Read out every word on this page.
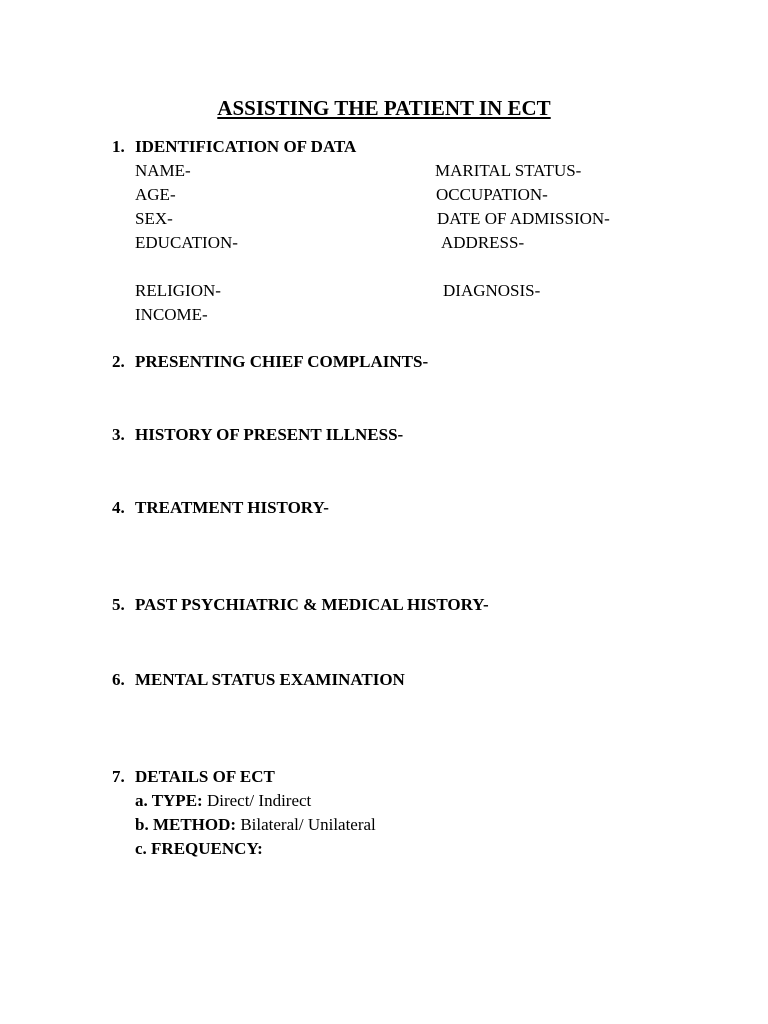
ASSISTING THE PATIENT IN ECT
1. IDENTIFICATION OF DATA
NAME-
AGE-
SEX-
EDUCATION-
RELIGION-
INCOME-
MARITAL STATUS-
OCCUPATION-
DATE OF ADMISSION-
ADDRESS-
DIAGNOSIS-
2. PRESENTING CHIEF COMPLAINTS-
3. HISTORY OF PRESENT ILLNESS-
4. TREATMENT HISTORY-
5. PAST PSYCHIATRIC & MEDICAL HISTORY-
6. MENTAL STATUS EXAMINATION
7. DETAILS OF ECT
a. TYPE: Direct/ Indirect
b. METHOD: Bilateral/ Unilateral
c. FREQUENCY:
